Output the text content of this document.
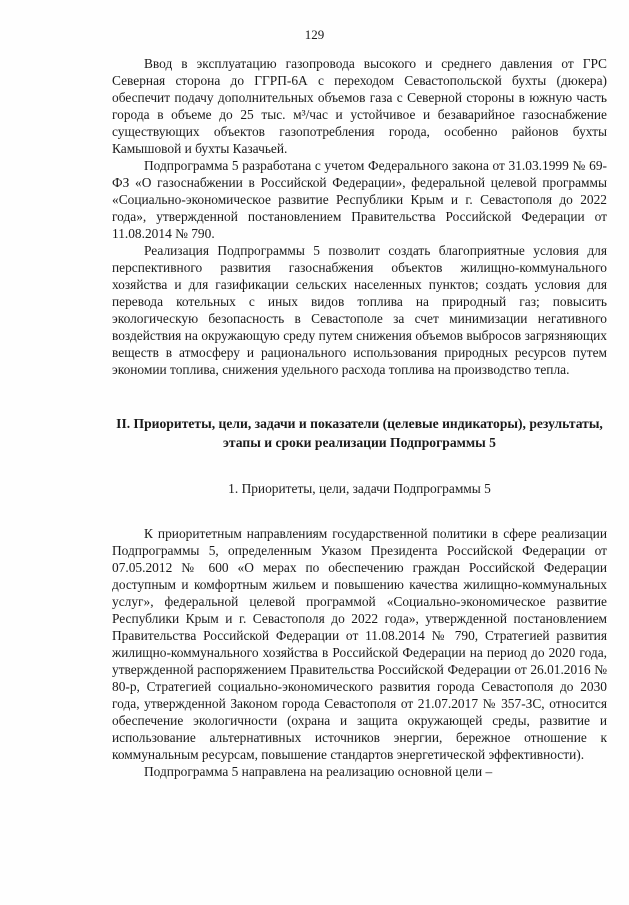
129

Ввод в эксплуатацию газопровода высокого и среднего давления от ГРС Северная сторона до ГГРП-6А с переходом Севастопольской бухты (дюкера) обеспечит подачу дополнительных объемов газа с Северной стороны в южную часть города в объеме до 25 тыс. м³/час и устойчивое и безаварийное газоснабжение существующих объектов газопотребления города, особенно районов бухты Камышовой и бухты Казачьей.

Подпрограмма 5 разработана с учетом Федерального закона от 31.03.1999 № 69-ФЗ «О газоснабжении в Российской Федерации», федеральной целевой программы «Социально-экономическое развитие Республики Крым и г. Севастополя до 2022 года», утвержденной постановлением Правительства Российской Федерации от 11.08.2014 № 790.

Реализация Подпрограммы 5 позволит создать благоприятные условия для перспективного развития газоснабжения объектов жилищно-коммунального хозяйства и для газификации сельских населенных пунктов; создать условия для перевода котельных с иных видов топлива на природный газ; повысить экологическую безопасность в Севастополе за счет минимизации негативного воздействия на окружающую среду путем снижения объемов выбросов загрязняющих веществ в атмосферу и рационального использования природных ресурсов путем экономии топлива, снижения удельного расхода топлива на производство тепла.

II. Приоритеты, цели, задачи и показатели (целевые индикаторы), результаты, этапы и сроки реализации Подпрограммы 5
1. Приоритеты, цели, задачи Подпрограммы 5

К приоритетным направлениям государственной политики в сфере реализации Подпрограммы 5, определенным Указом Президента Российской Федерации от 07.05.2012 № 600 «О мерах по обеспечению граждан Российской Федерации доступным и комфортным жильем и повышению качества жилищно-коммунальных услуг», федеральной целевой программой «Социально-экономическое развитие Республики Крым и г. Севастополя до 2022 года», утвержденной постановлением Правительства Российской Федерации от 11.08.2014 № 790, Стратегией развития жилищно-коммунального хозяйства в Российской Федерации на период до 2020 года, утвержденной распоряжением Правительства Российской Федерации от 26.01.2016 № 80-р, Стратегией социально-экономического развития города Севастополя до 2030 года, утвержденной Законом города Севастополя от 21.07.2017 № 357-ЗС, относится обеспечение экологичности (охрана и защита окружающей среды, развитие и использование альтернативных источников энергии, бережное отношение к коммунальным ресурсам, повышение стандартов энергетической эффективности).

Подпрограмма 5 направлена на реализацию основной цели –
